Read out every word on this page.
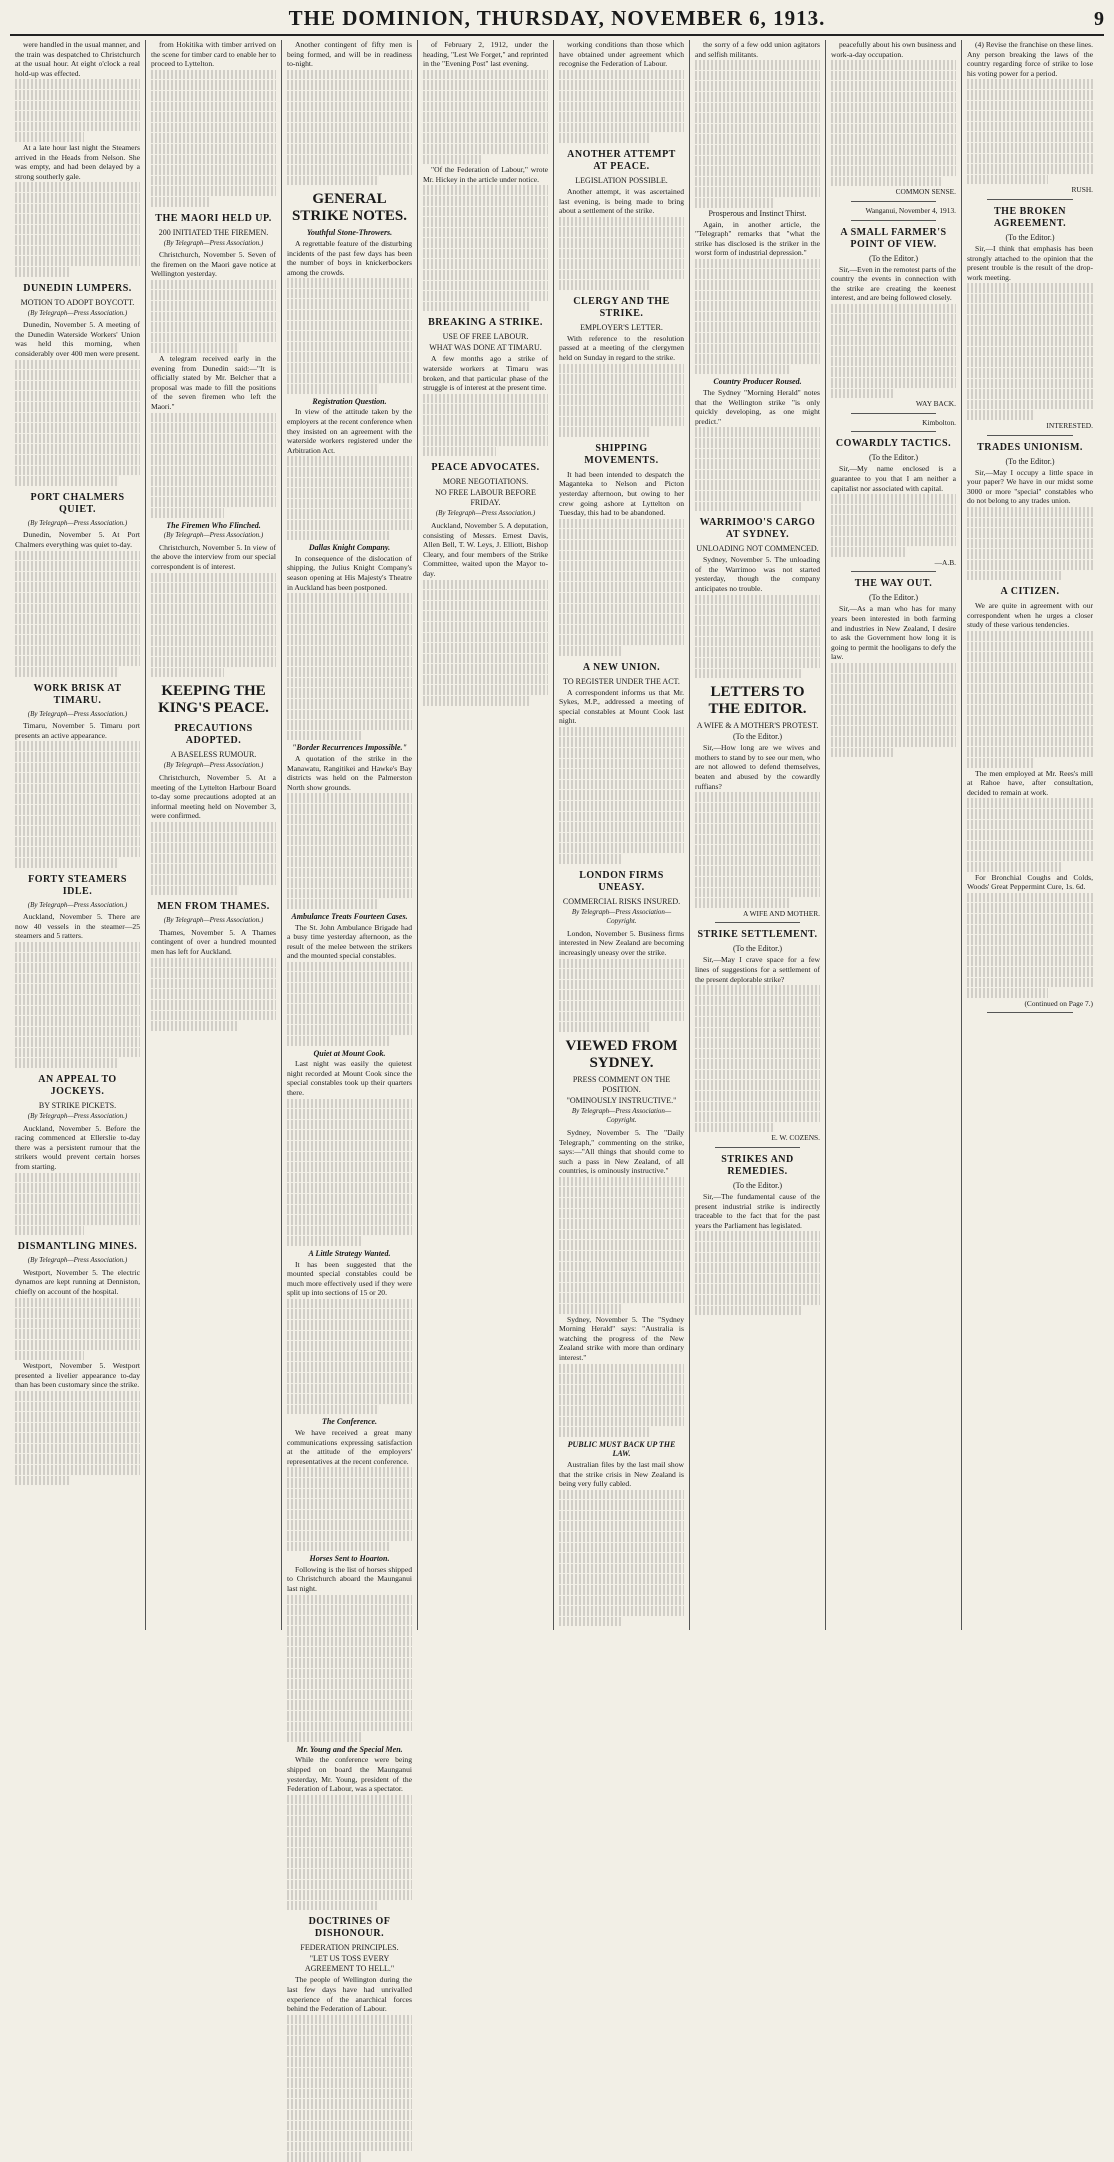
THE DOMINION, THURSDAY, NOVEMBER 6, 1913.	9

were handled in the usual manner, and the train was despatched to Christchurch at the usual hour. At eight o'clock a real hold-up was effected.

At a late hour last night the Steamers arrived in the Heads from Nelson. She was empty, and had been delayed by a strong southerly gale.

DUNEDIN LUMPERS.

MOTION TO ADOPT BOYCOTT.

(By Telegraph—Press Association.)

Dunedin, November 5. A meeting of the Dunedin Waterside Workers' Union was held this morning, when considerably over 400 men were present.

PORT CHALMERS QUIET.

(By Telegraph—Press Association.)

Dunedin, November 5. At Port Chalmers everything was quiet to-day.

WORK BRISK AT TIMARU.

(By Telegraph—Press Association.)

Timaru, November 5. Timaru port presents an active appearance.

FORTY STEAMERS IDLE.

(By Telegraph—Press Association.)

Auckland, November 5. There are now 40 vessels in the steamer—25 steamers and 5 ratters.

AN APPEAL TO JOCKEYS.

BY STRIKE PICKETS.

(By Telegraph—Press Association.)

Auckland, November 5. Before the racing commenced at Ellerslie to-day there was a persistent rumour that the strikers would prevent certain horses from starting.

DISMANTLING MINES.

(By Telegraph—Press Association.)

Westport, November 5. The electric dynamos are kept running at Denniston, chiefly on account of the hospital.

Westport, November 5. Westport presented a livelier appearance to-day than has been customary since the strike.

from Hokitika with timber arrived on the scene for timber card to enable her to proceed to Lyttelton.

THE MAORI HELD UP.

200 INITIATED THE FIREMEN.

(By Telegraph—Press Association.)

Christchurch, November 5. Seven of the firemen on the Maori gave notice at Wellington yesterday.

A telegram received early in the evening from Dunedin said:—"It is officially stated by Mr. Belcher that a proposal was made to fill the positions of the seven firemen who left the Maori."

The Firemen Who Flinched.

(By Telegraph—Press Association.)

Christchurch, November 5. In view of the above the interview from our special correspondent is of interest.

KEEPING THE KING'S PEACE.

PRECAUTIONS ADOPTED.

A BASELESS RUMOUR.

(By Telegraph—Press Association.)

Christchurch, November 5. At a meeting of the Lyttelton Harbour Board to-day some precautions adopted at an informal meeting held on November 3, were confirmed.

MEN FROM THAMES.

(By Telegraph—Press Association.)

Thames, November 5. A Thames contingent of over a hundred mounted men has left for Auckland.

Another contingent of fifty men is being formed, and will be in readiness to-night.

GENERAL STRIKE NOTES.

Youthful Stone-Throwers.

A regrettable feature of the disturbing incidents of the past few days has been the number of boys in knickerbockers among the crowds.

Registration Question.

In view of the attitude taken by the employers at the recent conference when they insisted on an agreement with the waterside workers registered under the Arbitration Act.

Dallas Knight Company.

In consequence of the dislocation of shipping, the Julius Knight Company's season opening at His Majesty's Theatre in Auckland has been postponed.

"Border Recurrences Impossible."

A quotation of the strike in the Manawatu, Rangitikei and Hawke's Bay districts was held on the Palmerston North show grounds.

Ambulance Treats Fourteen Cases.

The St. John Ambulance Brigade had a busy time yesterday afternoon, as the result of the melee between the strikers and the mounted special constables.

Quiet at Mount Cook.

Last night was easily the quietest night recorded at Mount Cook since the special constables took up their quarters there.

A Little Strategy Wanted.

It has been suggested that the mounted special constables could be much more effectively used if they were split up into sections of 15 or 20.

The Conference.

We have received a great many communications expressing satisfaction at the attitude of the employers' representatives at the recent conference.

Horses Sent to Hoarton.

Following is the list of horses shipped to Christchurch aboard the Maunganui last night.

Mr. Young and the Special Men.

While the conference were being shipped on board the Maunganui yesterday, Mr. Young, president of the Federation of Labour, was a spectator.

DOCTRINES OF DISHONOUR.

FEDERATION PRINCIPLES.

"LET US TOSS EVERY AGREEMENT TO HELL."

The people of Wellington during the last few days have had unrivalled experience of the anarchical forces behind the Federation of Labour.

of February 2, 1912, under the heading, "Lest We Forget," and reprinted in the "Evening Post" last evening.

"Of the Federation of Labour," wrote Mr. Hickey in the article under notice.

BREAKING A STRIKE.

USE OF FREE LABOUR.

WHAT WAS DONE AT TIMARU.

A few months ago a strike of waterside workers at Timaru was broken, and that particular phase of the struggle is of interest at the present time.

PEACE ADVOCATES.

MORE NEGOTIATIONS.

NO FREE LABOUR BEFORE FRIDAY.

(By Telegraph—Press Association.)

Auckland, November 5. A deputation, consisting of Messrs. Ernest Davis, Allen Bell, T. W. Leys, J. Elliott, Bishop Cleary, and four members of the Strike Committee, waited upon the Mayor to-day.

working conditions than those which have obtained under agreement which recognise the Federation of Labour.

ANOTHER ATTEMPT AT PEACE.

LEGISLATION POSSIBLE.

Another attempt, it was ascertained last evening, is being made to bring about a settlement of the strike.

CLERGY AND THE STRIKE.

EMPLOYER'S LETTER.

With reference to the resolution passed at a meeting of the clergymen held on Sunday in regard to the strike.

SHIPPING MOVEMENTS.

It had been intended to despatch the Maganteka to Nelson and Picton yesterday afternoon, but owing to her crew going ashore at Lyttelton on Tuesday, this had to be abandoned.

A NEW UNION.

TO REGISTER UNDER THE ACT.

A correspondent informs us that Mr. Sykes, M.P., addressed a meeting of special constables at Mount Cook last night.

LONDON FIRMS UNEASY.

COMMERCIAL RISKS INSURED.

By Telegraph—Press Association—Copyright.

London, November 5. Business firms interested in New Zealand are becoming increasingly uneasy over the strike.

VIEWED FROM SYDNEY.

PRESS COMMENT ON THE POSITION.

"OMINOUSLY INSTRUCTIVE."

By Telegraph—Press Association—Copyright.

Sydney, November 5. The "Daily Telegraph," commenting on the strike, says:—"All things that should come to such a pass in New Zealand, of all countries, is ominously instructive."

Sydney, November 5. The "Sydney Morning Herald" says: "Australia is watching the progress of the New Zealand strike with more than ordinary interest."

PUBLIC MUST BACK UP THE LAW.

Australian files by the last mail show that the strike crisis in New Zealand is being very fully cabled.

the sorry of a few odd union agitators and selfish militants.

Prosperous and Instinct Thirst.

Again, in another article, the "Telegraph" remarks that "what the strike has disclosed is the striker in the worst form of industrial depression."

Country Producer Roused.

The Sydney "Morning Herald" notes that the Wellington strike "is only quickly developing, as one might predict."

WARRIMOO'S CARGO AT SYDNEY.

UNLOADING NOT COMMENCED.

Sydney, November 5. The unloading of the Warrimoo was not started yesterday, though the company anticipates no trouble.

LETTERS TO THE EDITOR.

A WIFE & A MOTHER'S PROTEST.

(To the Editor.)

Sir,—How long are we wives and mothers to stand by to see our men, who are not allowed to defend themselves, beaten and abused by the cowardly ruffians?

A WIFE AND MOTHER.

STRIKE SETTLEMENT.

(To the Editor.)

Sir,—May I crave space for a few lines of suggestions for a settlement of the present deplorable strike?

E. W. COZENS.

STRIKES AND REMEDIES.

(To the Editor.)

Sir,—The fundamental cause of the present industrial strike is indirectly traceable to the fact that for the past years the Parliament has legislated.

peacefully about his own business and work-a-day occupation.

COMMON SENSE.

Wanganui, November 4, 1913.

A SMALL FARMER'S POINT OF VIEW.

(To the Editor.)

Sir,—Even in the remotest parts of the country the events in connection with the strike are creating the keenest interest, and are being followed closely.

WAY BACK.

Kimbolton.

COWARDLY TACTICS.

(To the Editor.)

Sir,—My name enclosed is a guarantee to you that I am neither a capitalist nor associated with capital.

—A.B.

THE WAY OUT.

(To the Editor.)

Sir,—As a man who has for many years been interested in both farming and industries in New Zealand, I desire to ask the Government how long it is going to permit the hooligans to defy the law.

(4) Revise the franchise on these lines. Any person breaking the laws of the country regarding force of strike to lose his voting power for a period.

RUSH.

THE BROKEN AGREEMENT.

(To the Editor.)

Sir,—I think that emphasis has been strongly attached to the opinion that the present trouble is the result of the drop-work meeting.

INTERESTED.

TRADES UNIONISM.

(To the Editor.)

Sir,—May I occupy a little space in your paper? We have in our midst some 3000 or more "special" constables who do not belong to any trades union.

A CITIZEN.

We are quite in agreement with our correspondent when he urges a closer study of these various tendencies.

The men employed at Mr. Rees's mill at Rahoe have, after consultation, decided to remain at work.

For Bronchial Coughs and Colds, Woods' Great Peppermint Cure, 1s. 6d.

(Continued on Page 7.)
